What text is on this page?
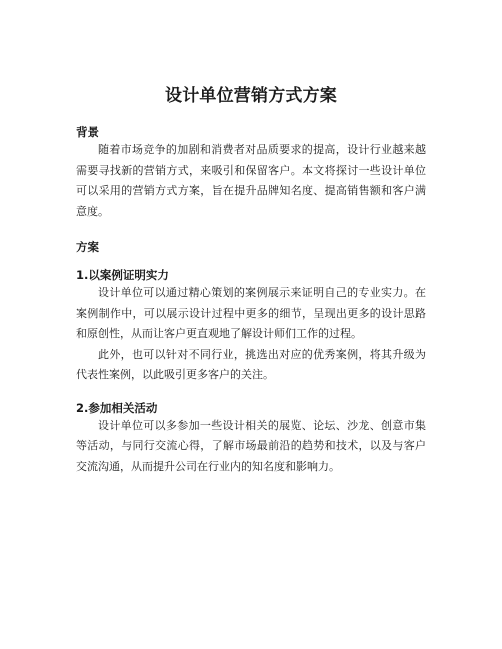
设计单位营销方式方案
背景

随着市场竞争的加剧和消费者对品质要求的提高，设计行业越来越需要寻找新的营销方式，来吸引和保留客户。本文将探讨一些设计单位可以采用的营销方式方案，旨在提升品牌知名度、提高销售额和客户满意度。

方案
1.以案例证明实力

设计单位可以通过精心策划的案例展示来证明自己的专业实力。在案例制作中，可以展示设计过程中更多的细节，呈现出更多的设计思路和原创性，从而让客户更直观地了解设计师们工作的过程。

此外，也可以针对不同行业，挑选出对应的优秀案例，将其升级为代表性案例，以此吸引更多客户的关注。

2.参加相关活动

设计单位可以多参加一些设计相关的展览、论坛、沙龙、创意市集等活动，与同行交流心得，了解市场最前沿的趋势和技术，以及与客户交流沟通，从而提升公司在行业内的知名度和影响力。
